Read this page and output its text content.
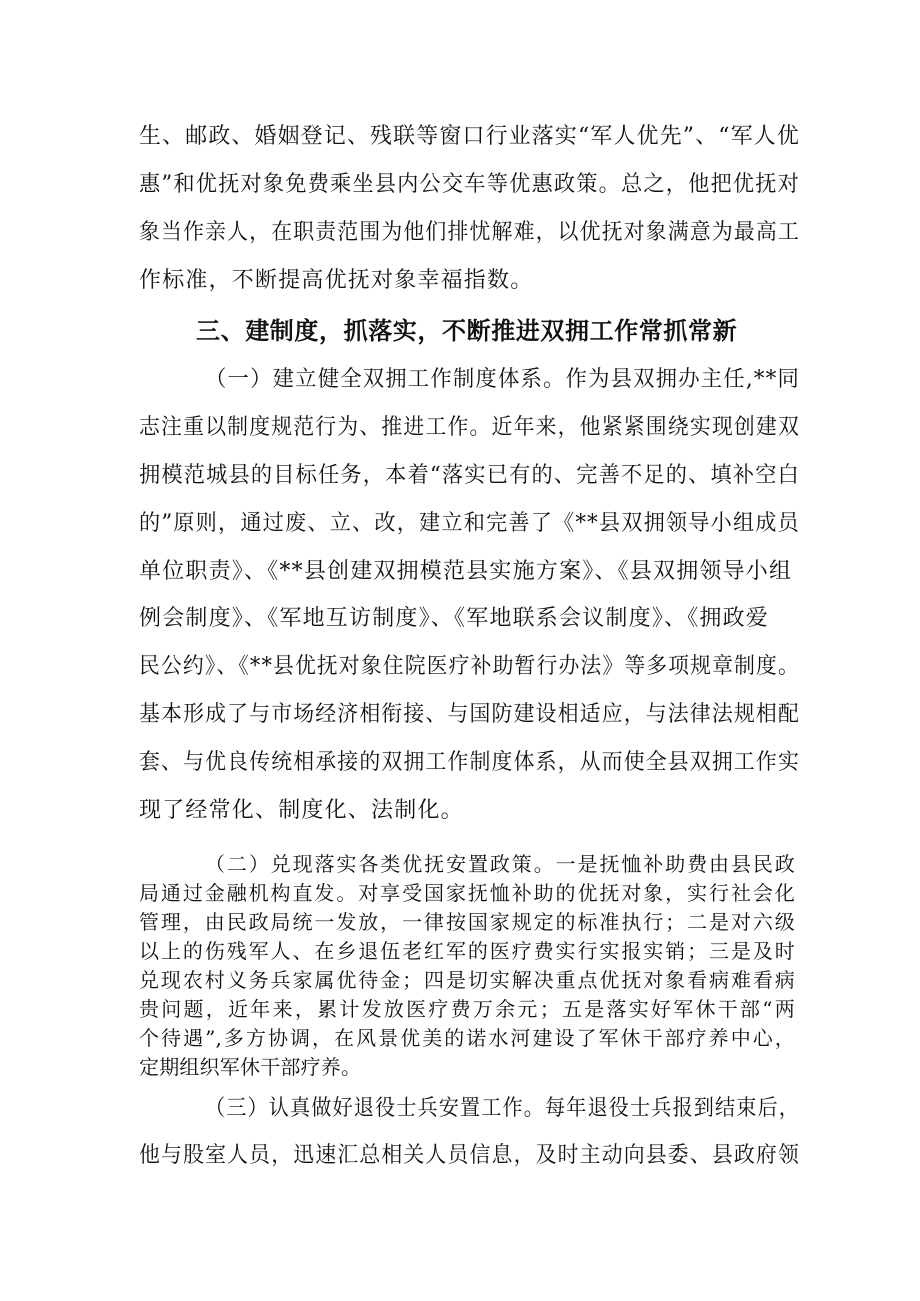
生、邮政、婚姻登记、残联等窗口行业落实“军人优先”、“军人优
惠”和优抚对象免费乘坐县内公交车等优惠政策。总之，他把优抚对
象当作亲人，在职责范围为他们排忧解难，以优抚对象满意为最高工
作标准，不断提高优抚对象幸福指数。
三、建制度，抓落实，不断推进双拥工作常抓常新
（一）建立健全双拥工作制度体系。作为县双拥办主任,**同
志注重以制度规范行为、推进工作。近年来，他紧紧围绕实现创建双
拥模范城县的目标任务，本着“落实已有的、完善不足的、填补空白
的”原则，通过废、立、改，建立和完善了《**县双拥领导小组成员
单位职责》、《**县创建双拥模范县实施方案》、《县双拥领导小组
例会制度》、《军地互访制度》、《军地联系会议制度》、《拥政爱
民公约》、《**县优抚对象住院医疗补助暂行办法》等多项规章制度。
基本形成了与市场经济相衔接、与国防建设相适应，与法律法规相配
套、与优良传统相承接的双拥工作制度体系，从而使全县双拥工作实
现了经常化、制度化、法制化。
（二）兑现落实各类优抚安置政策。一是抚恤补助费由县民政
局通过金融机构直发。对享受国家抚恤补助的优抚对象，实行社会化
管理，由民政局统一发放，一律按国家规定的标准执行；二是对六级
以上的伤残军人、在乡退伍老红军的医疗费实行实报实销；三是及时
兑现农村义务兵家属优待金；四是切实解决重点优抚对象看病难看病
贵问题，近年来，累计发放医疗费万余元；五是落实好军休干部“两
个待遇”,多方协调，在风景优美的诺水河建设了军休干部疗养中心，
定期组织军休干部疗养。
（三）认真做好退役士兵安置工作。每年退役士兵报到结束后，
他与股室人员，迅速汇总相关人员信息，及时主动向县委、县政府领
